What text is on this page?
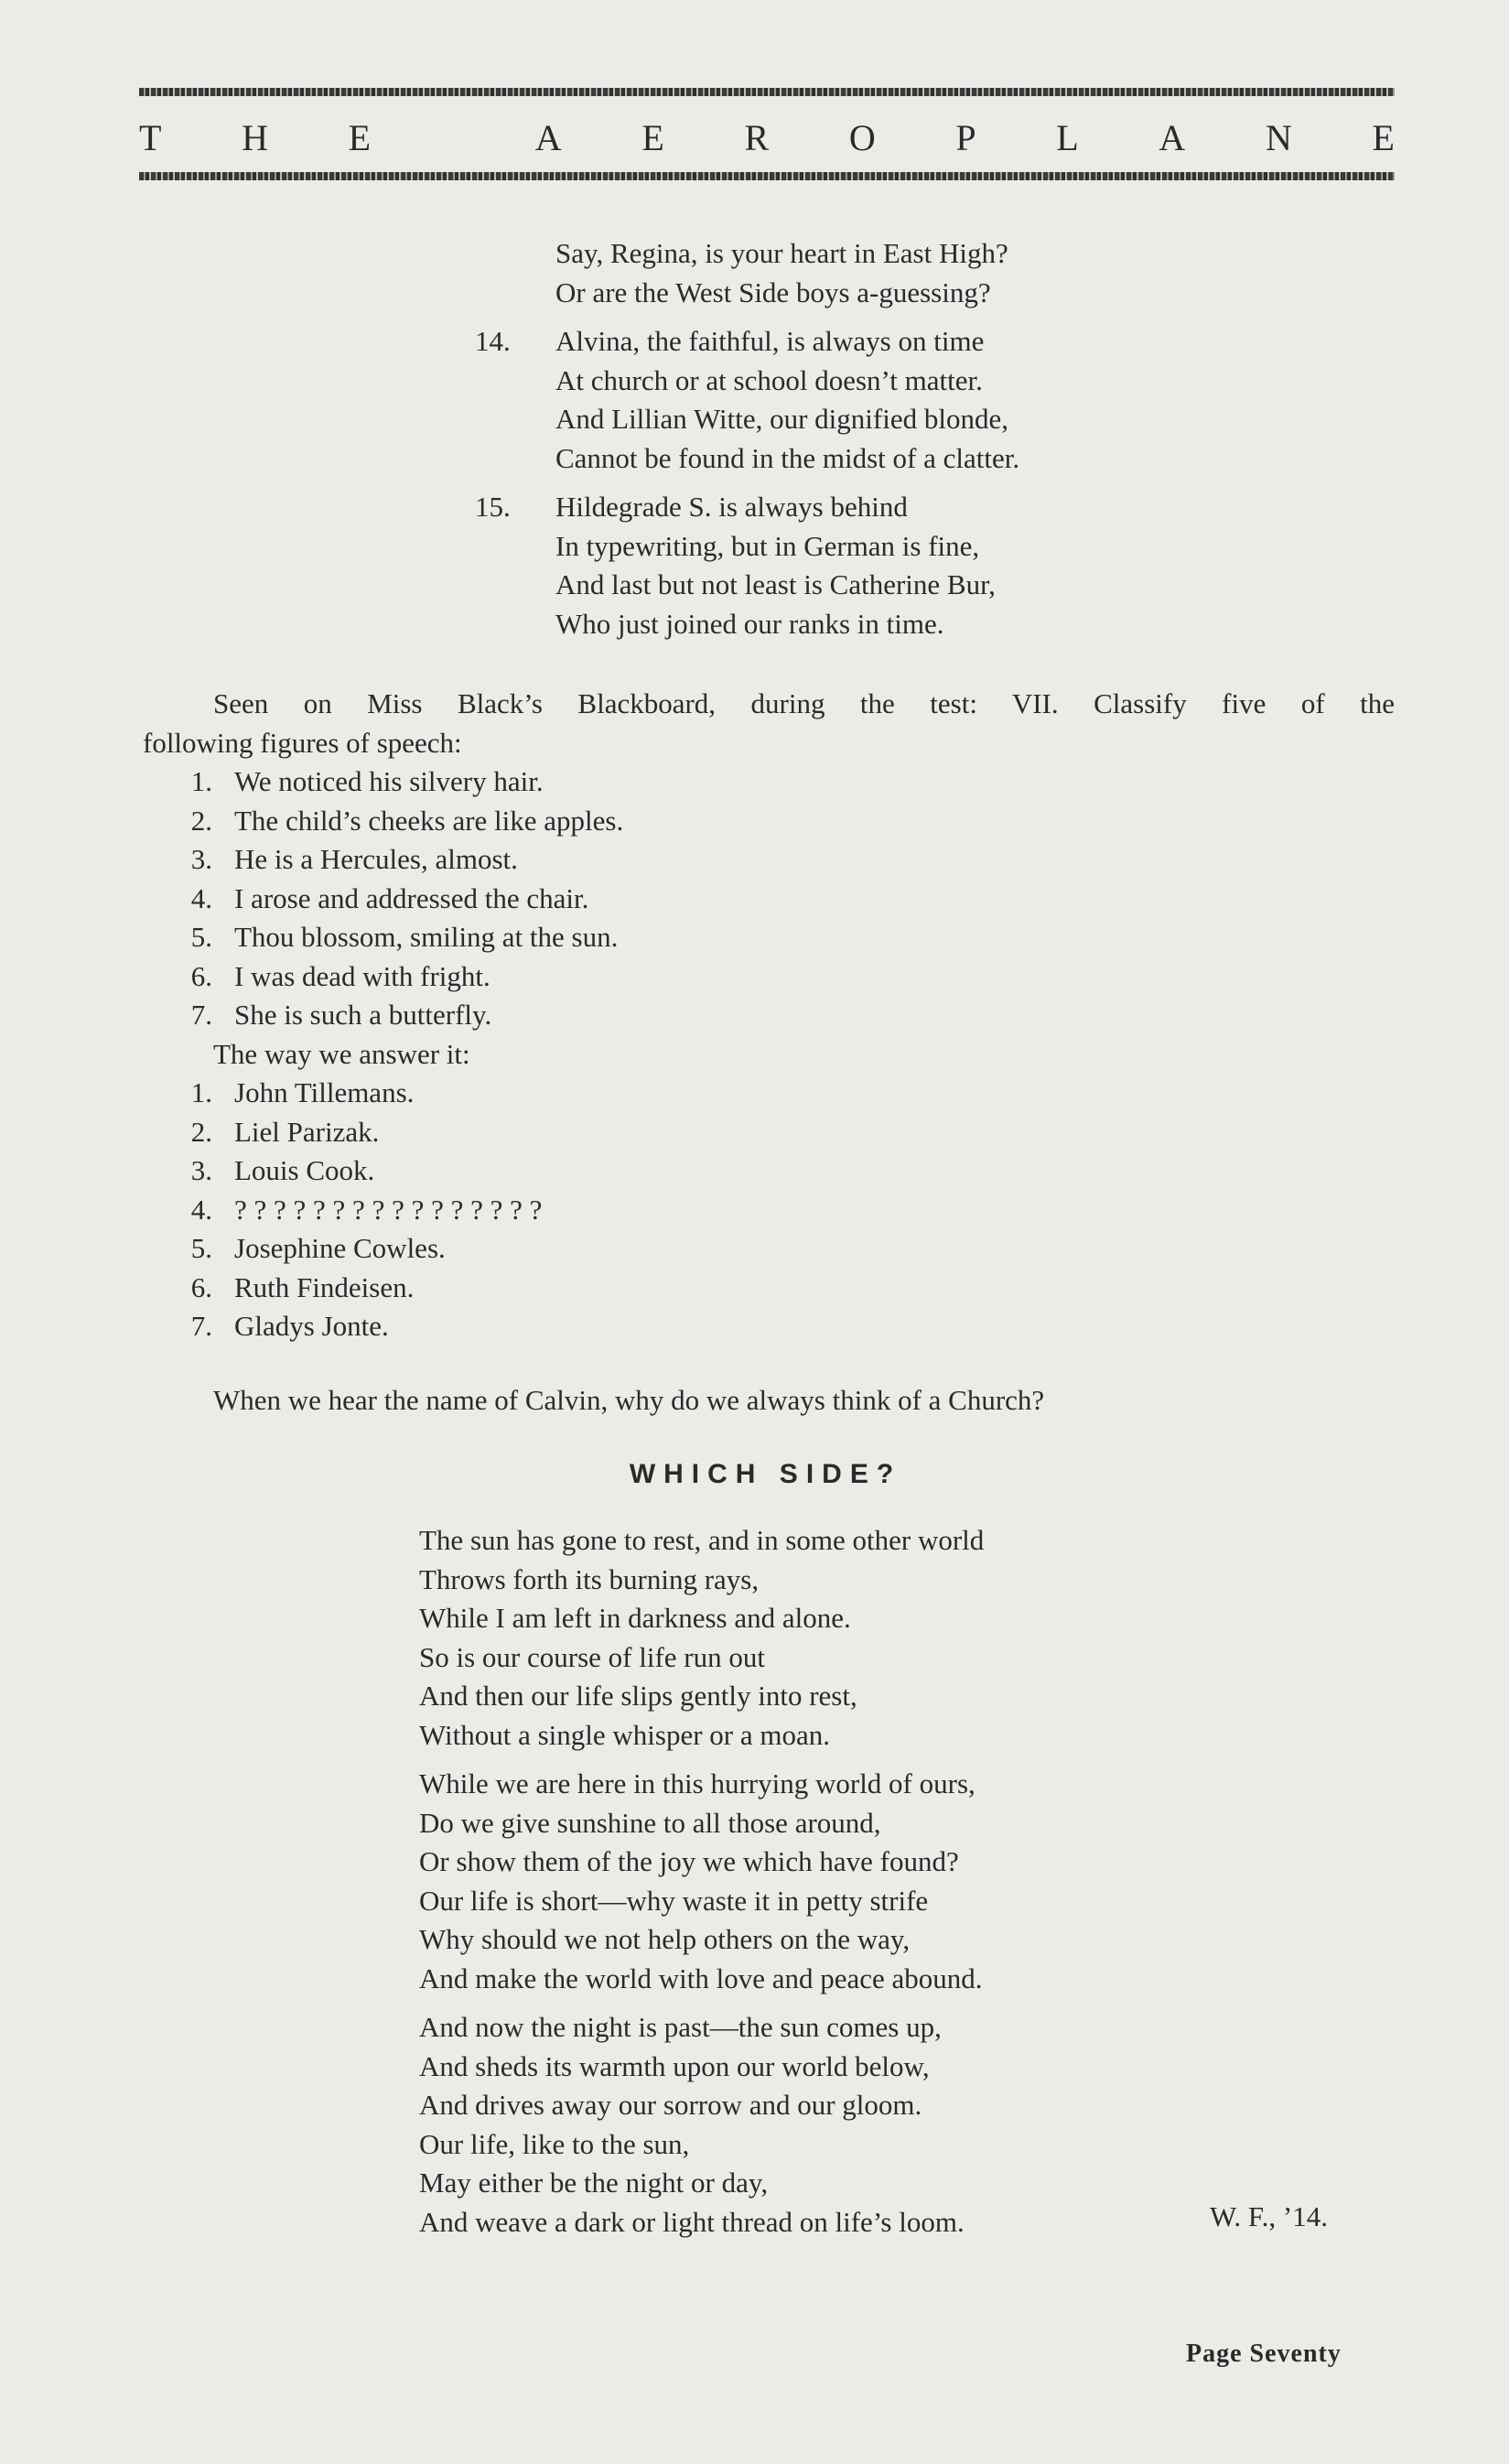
T H E	A E R O P L A N E
Say, Regina, is your heart in East High?
Or are the West Side boys a-guessing?
14. Alvina, the faithful, is always on time
At church or at school doesn’t matter.
And Lillian Witte, our dignified blonde,
Cannot be found in the midst of a clatter.
15. Hildegrade S. is always behind
In typewriting, but in German is fine,
And last but not least is Catherine Bur,
Who just joined our ranks in time.
Seen on Miss Black’s Blackboard, during the test: VII. Classify five of the
following figures of speech:
1. We noticed his silvery hair.
2. The child’s cheeks are like apples.
3. He is a Hercules, almost.
4. I arose and addressed the chair.
5. Thou blossom, smiling at the sun.
6. I was dead with fright.
7. She is such a butterfly.
The way we answer it:
1. John Tillemans.
2. Liel Parizak.
3. Louis Cook.
4. ? ? ? ? ? ? ? ? ? ? ? ? ? ? ? ?
5. Josephine Cowles.
6. Ruth Findeisen.
7. Gladys Jonte.
When we hear the name of Calvin, why do we always think of a Church?
WHICH SIDE?
The sun has gone to rest, and in some other world
Throws forth its burning rays,
While I am left in darkness and alone.
So is our course of life run out
And then our life slips gently into rest,
Without a single whisper or a moan.
While we are here in this hurrying world of ours,
Do we give sunshine to all those around,
Or show them of the joy we which have found?
Our life is short—why waste it in petty strife
Why should we not help others on the way,
And make the world with love and peace abound.
And now the night is past—the sun comes up,
And sheds its warmth upon our world below,
And drives away our sorrow and our gloom.
Our life, like to the sun,
May either be the night or day,
And weave a dark or light thread on life’s loom.	W. F., ’14.
Page Seventy
